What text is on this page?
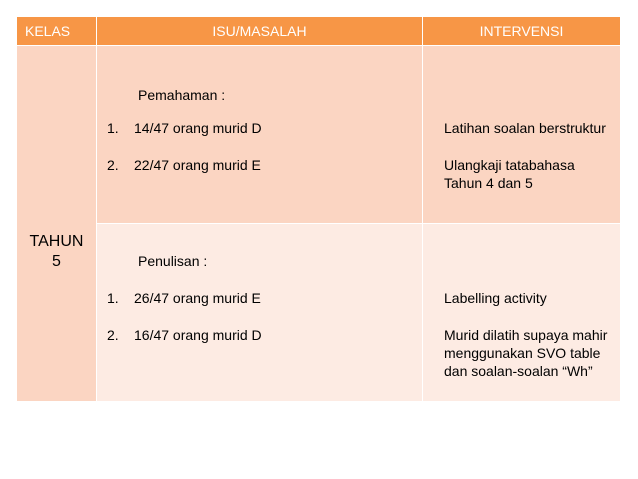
KELAS	ISU/MASALAH	INTERVENSI
TAHUN
5
Pemahaman :
1. 14/47 orang murid D
2. 22/47 orang murid E
Latihan soalan berstruktur
Ulangkaji tatabahasa
Tahun 4 dan 5
Penulisan :
1. 26/47 orang murid E
2. 16/47 orang murid D
Labelling activity
Murid dilatih supaya mahir
menggunakan SVO table
dan soalan-soalan “Wh”
